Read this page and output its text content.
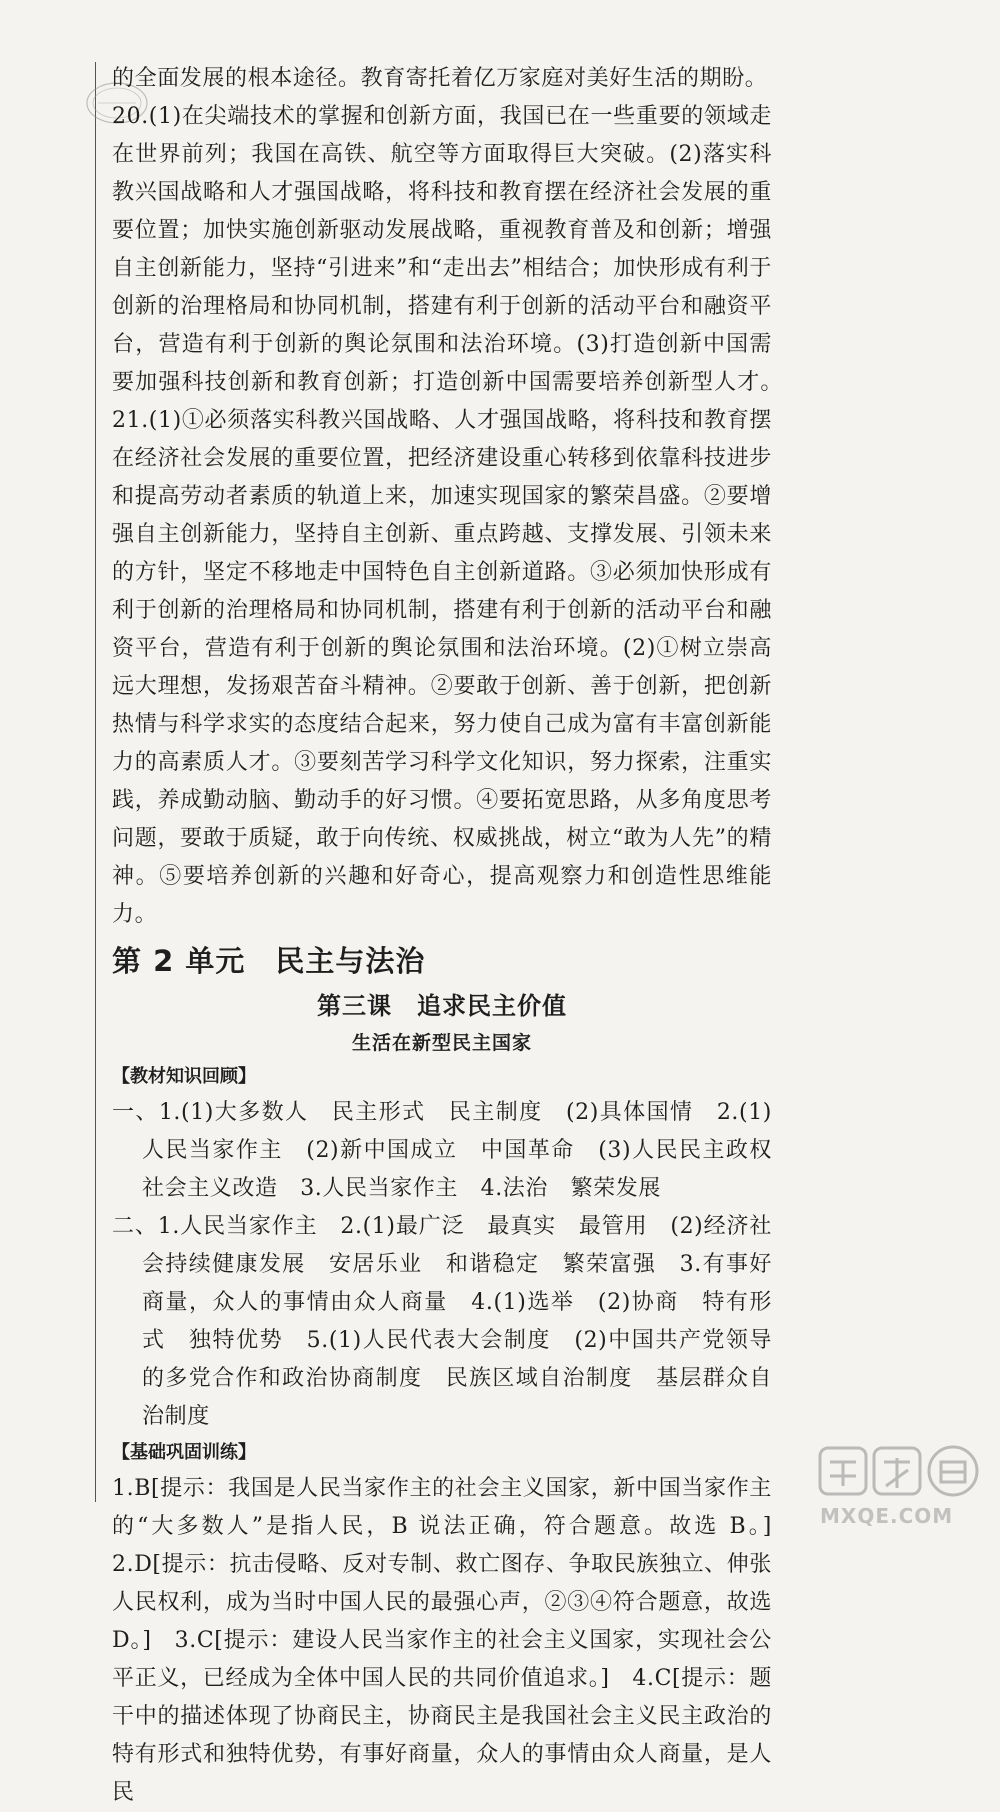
的全面发展的根本途径。教育寄托着亿万家庭对美好生活的期盼。

20.(1)在尖端技术的掌握和创新方面，我国已在一些重要的领域走在世界前列；我国在高铁、航空等方面取得巨大突破。(2)落实科教兴国战略和人才强国战略，将科技和教育摆在经济社会发展的重要位置；加快实施创新驱动发展战略，重视教育普及和创新；增强自主创新能力，坚持“引进来”和“走出去”相结合；加快形成有利于创新的治理格局和协同机制，搭建有利于创新的活动平台和融资平台，营造有利于创新的舆论氛围和法治环境。(3)打造创新中国需要加强科技创新和教育创新；打造创新中国需要培养创新型人才。　21.(1)①必须落实科教兴国战略、人才强国战略，将科技和教育摆在经济社会发展的重要位置，把经济建设重心转移到依靠科技进步和提高劳动者素质的轨道上来，加速实现国家的繁荣昌盛。②要增强自主创新能力，坚持自主创新、重点跨越、支撑发展、引领未来的方针，坚定不移地走中国特色自主创新道路。③必须加快形成有利于创新的治理格局和协同机制，搭建有利于创新的活动平台和融资平台，营造有利于创新的舆论氛围和法治环境。(2)①树立崇高远大理想，发扬艰苦奋斗精神。②要敢于创新、善于创新，把创新热情与科学求实的态度结合起来，努力使自己成为富有丰富创新能力的高素质人才。③要刻苦学习科学文化知识，努力探索，注重实践，养成勤动脑、勤动手的好习惯。④要拓宽思路，从多角度思考问题，要敢于质疑，敢于向传统、权威挑战，树立“敢为人先”的精神。⑤要培养创新的兴趣和好奇心，提高观察力和创造性思维能力。

第 2 单元　民主与法治
第三课　追求民主价值
生活在新型民主国家
【教材知识回顾】

一、1.(1)大多数人　民主形式　民主制度　(2)具体国情　2.(1)人民当家作主　(2)新中国成立　中国革命　(3)人民民主政权　社会主义改造　3.人民当家作主　4.法治　繁荣发展

二、1.人民当家作主　2.(1)最广泛　最真实　最管用　(2)经济社会持续健康发展　安居乐业　和谐稳定　繁荣富强　3.有事好商量，众人的事情由众人商量　4.(1)选举　(2)协商　特有形式　独特优势　5.(1)人民代表大会制度　(2)中国共产党领导的多党合作和政治协商制度　民族区域自治制度　基层群众自治制度

【基础巩固训练】

1.B[提示：我国是人民当家作主的社会主义国家，新中国当家作主的“大多数人”是指人民，B 说法正确，符合题意。故选 B。]　2.D[提示：抗击侵略、反对专制、救亡图存、争取民族独立、伸张人民权利，成为当时中国人民的最强心声，②③④符合题意，故选 D。]　3.C[提示：建设人民当家作主的社会主义国家，实现社会公平正义，已经成为全体中国人民的共同价值追求。]　4.C[提示：题干中的描述体现了协商民主，协商民主是我国社会主义民主政治的特有形式和独特优势，有事好商量，众人的事情由众人商量，是人民

MXQE.COM
